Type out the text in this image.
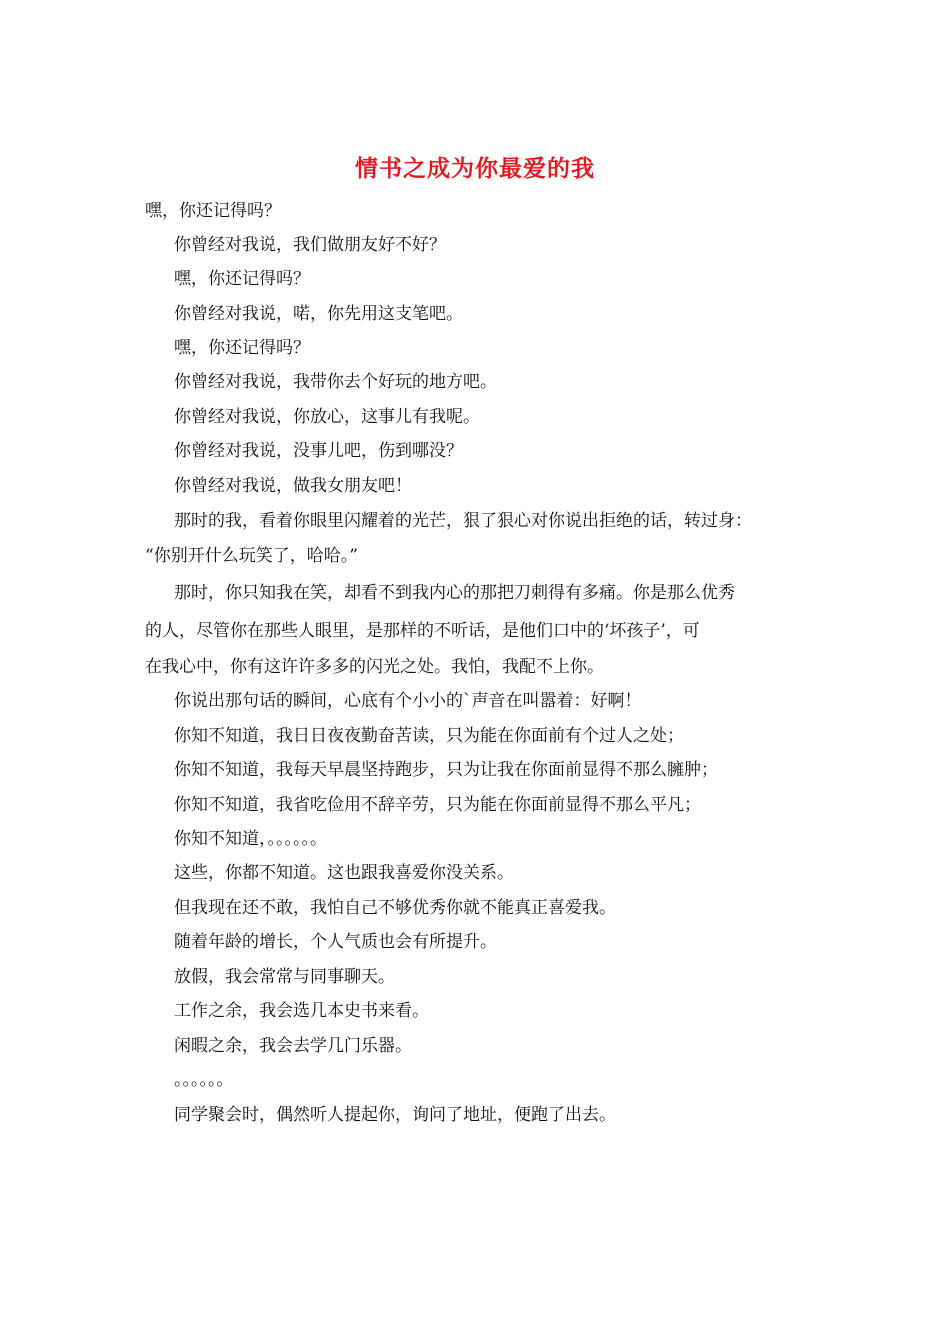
情书之成为你最爱的我
嘿，你还记得吗？
你曾经对我说，我们做朋友好不好？
嘿，你还记得吗？
你曾经对我说，喏，你先用这支笔吧。
嘿，你还记得吗？
你曾经对我说，我带你去个好玩的地方吧。
你曾经对我说，你放心，这事儿有我呢。
你曾经对我说，没事儿吧，伤到哪没？
你曾经对我说，做我女朋友吧！
那时的我，看着你眼里闪耀着的光芒，狠了狠心对你说出拒绝的话，转过身：
“你别开什么玩笑了，哈哈。”
那时，你只知我在笑，却看不到我内心的那把刀刺得有多痛。你是那么优秀
的人，尽管你在那些人眼里，是那样的不听话，是他们口中的‘坏孩子’，可
在我心中，你有这许许多多的闪光之处。我怕，我配不上你。
你说出那句话的瞬间，心底有个小小的`声音在叫嚣着：好啊！
你知不知道，我日日夜夜勤奋苦读，只为能在你面前有个过人之处；
你知不知道，我每天早晨坚持跑步，只为让我在你面前显得不那么臃肿；
你知不知道，我省吃俭用不辞辛劳，只为能在你面前显得不那么平凡；
你知不知道，。。。。。。
这些，你都不知道。这也跟我喜爱你没关系。
但我现在还不敢，我怕自己不够优秀你就不能真正喜爱我。
随着年龄的增长，个人气质也会有所提升。
放假，我会常常与同事聊天。
工作之余，我会选几本史书来看。
闲暇之余，我会去学几门乐器。
。。。。。。
同学聚会时，偶然听人提起你，询问了地址，便跑了出去。
